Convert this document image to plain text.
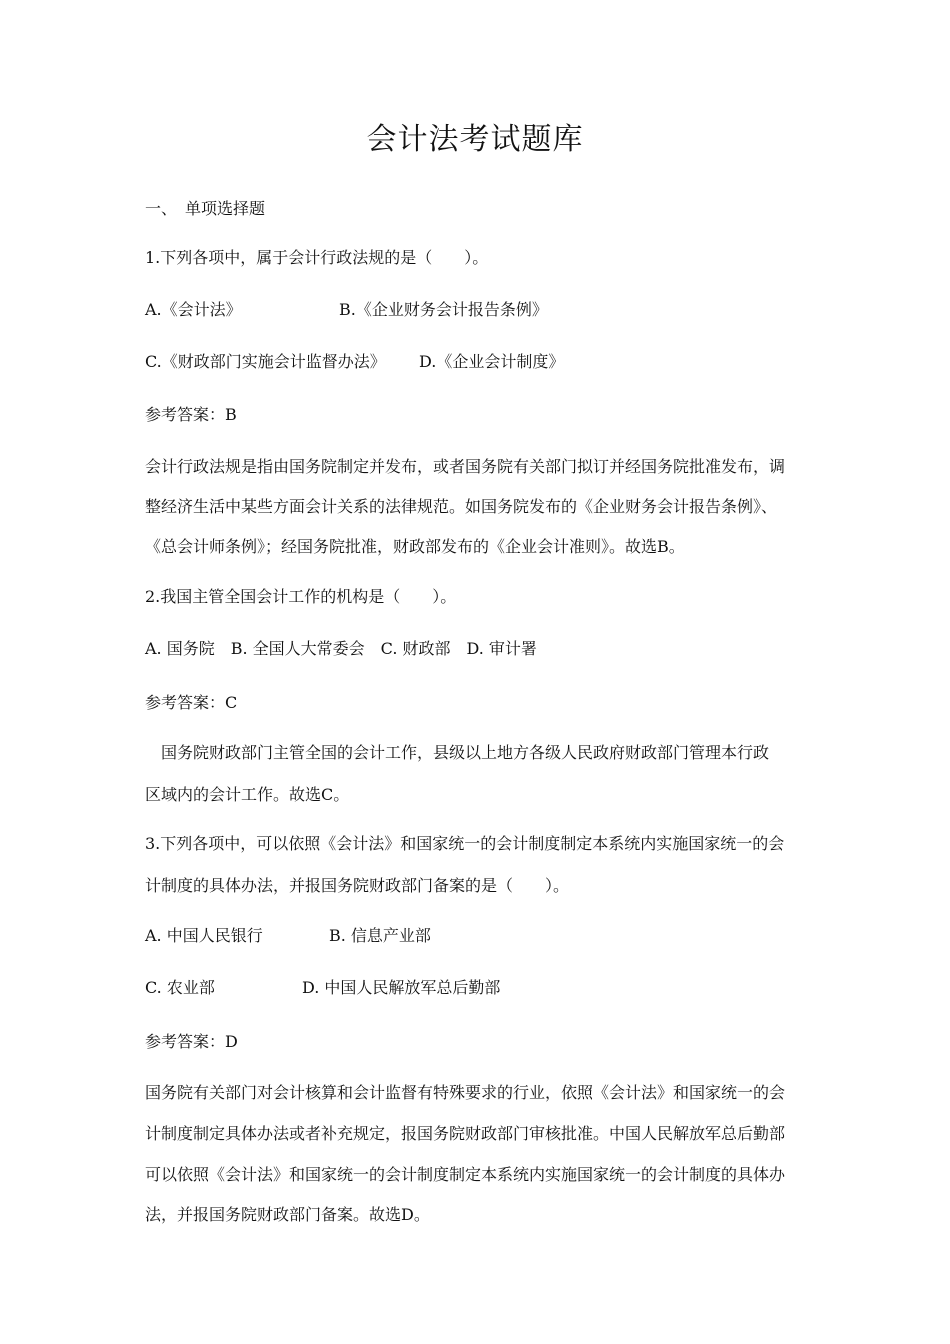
会计法考试题库
一、　单项选择题
1.下列各项中，属于会计行政法规的是（　　）。
A.《会计法》	B.《企业财务会计报告条例》
C.《财政部门实施会计监督办法》 D.《企业会计制度》
参考答案：B
会计行政法规是指由国务院制定并发布，或者国务院有关部门拟订并经国务院批准发布，调
整经济生活中某些方面会计关系的法律规范。如国务院发布的《企业财务会计报告条例》、
《总会计师条例》；经国务院批准，财政部发布的《企业会计准则》。故选B。
2.我国主管全国会计工作的机构是（　　）。
A. 国务院　B. 全国人大常委会　C. 财政部　D. 审计署
参考答案：C
　国务院财政部门主管全国的会计工作，县级以上地方各级人民政府财政部门管理本行政
区域内的会计工作。故选C。
3.下列各项中，可以依照《会计法》和国家统一的会计制度制定本系统内实施国家统一的会
计制度的具体办法，并报国务院财政部门备案的是（　　）。
A. 中国人民银行	B. 信息产业部
C. 农业部	D. 中国人民解放军总后勤部
参考答案：D
国务院有关部门对会计核算和会计监督有特殊要求的行业，依照《会计法》和国家统一的会
计制度制定具体办法或者补充规定，报国务院财政部门审核批准。中国人民解放军总后勤部
可以依照《会计法》和国家统一的会计制度制定本系统内实施国家统一的会计制度的具体办
法，并报国务院财政部门备案。故选D。
